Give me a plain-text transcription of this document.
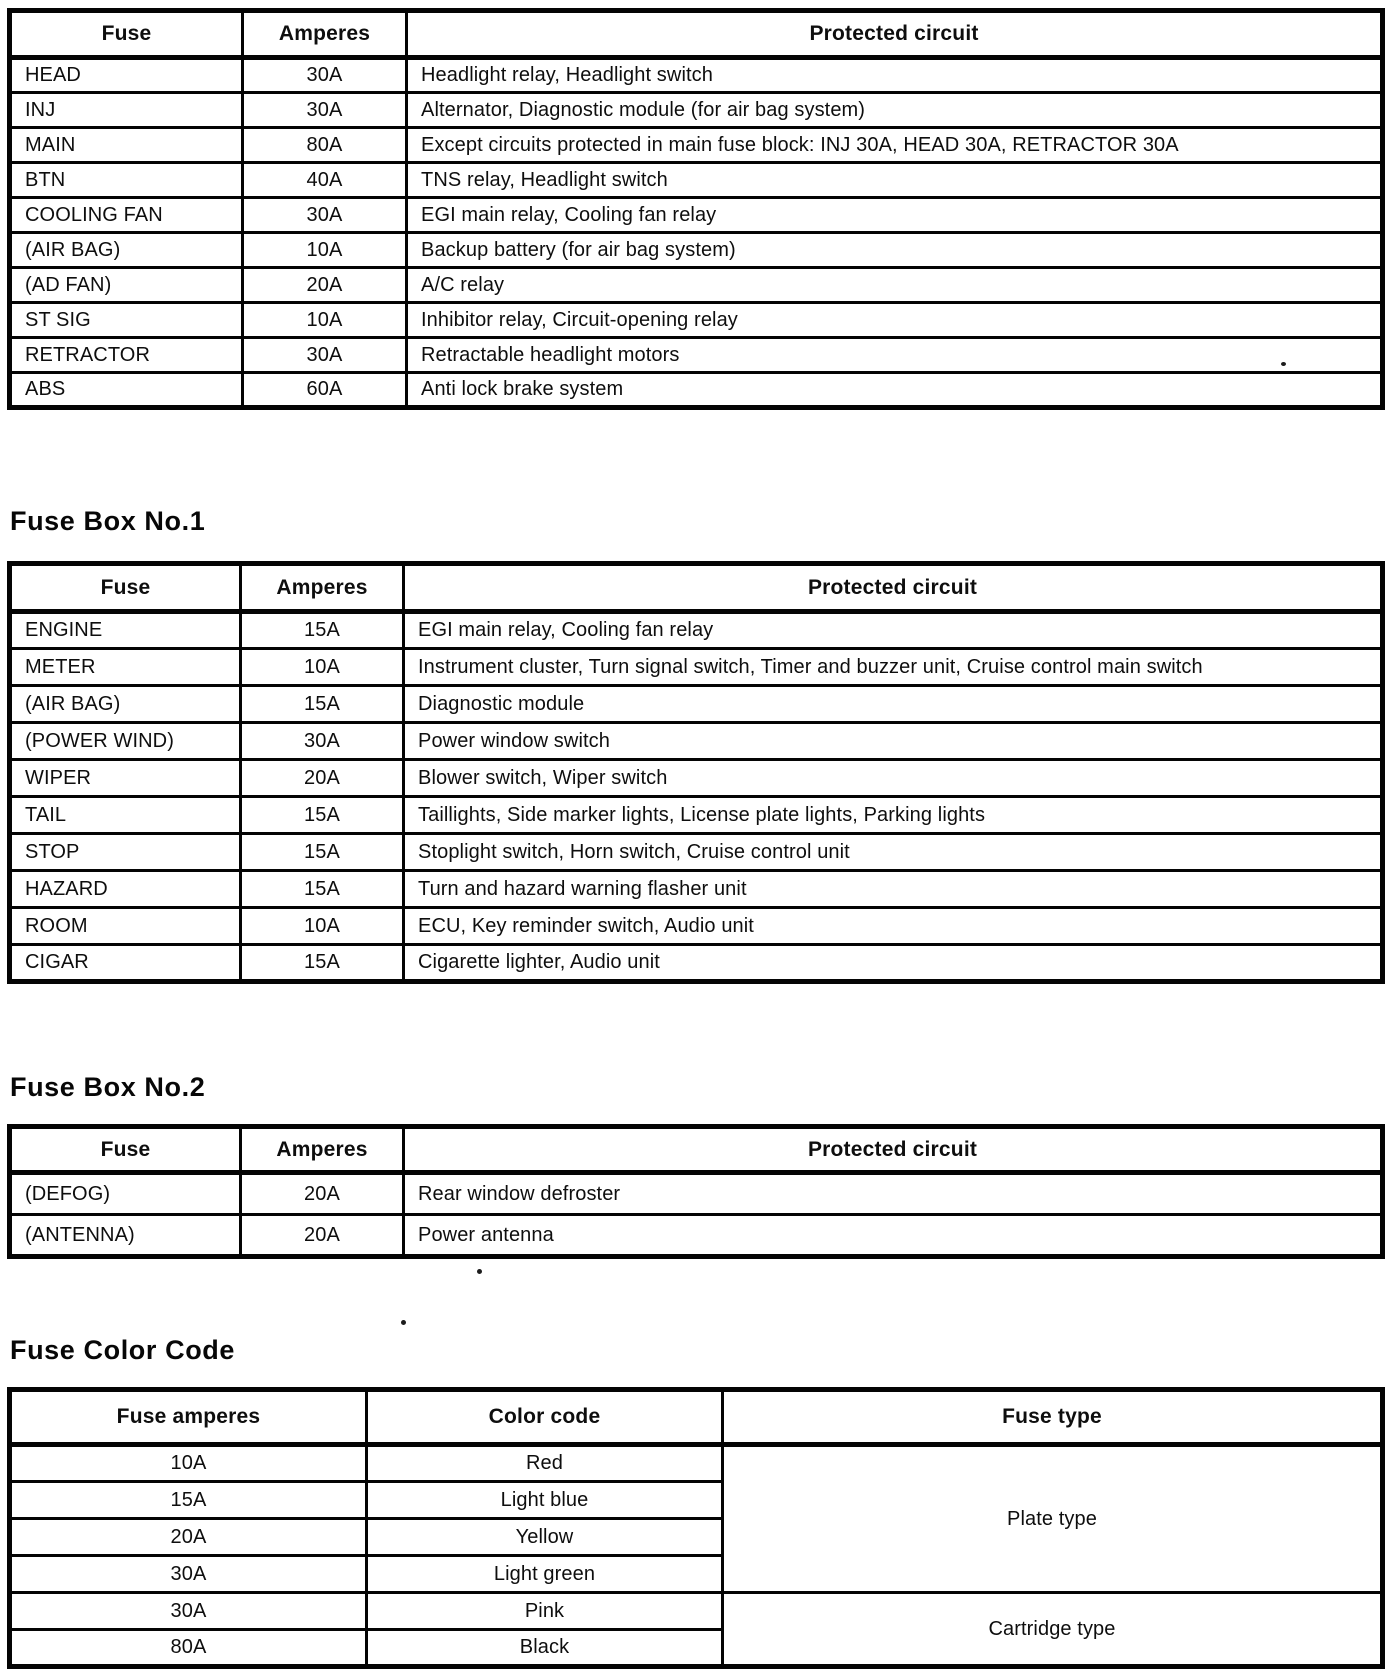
Fuse	Amperes	Protected circuit
HEAD	30A	Headlight relay, Headlight switch
INJ	30A	Alternator, Diagnostic module (for air bag system)
MAIN	80A	Except circuits protected in main fuse block: INJ 30A, HEAD 30A, RETRACTOR 30A
BTN	40A	TNS relay, Headlight switch
COOLING FAN	30A	EGI main relay, Cooling fan relay
(AIR BAG)	10A	Backup battery (for air bag system)
(AD FAN)	20A	A/C relay
ST SIG	10A	Inhibitor relay, Circuit-opening relay
RETRACTOR	30A	Retractable headlight motors
ABS	60A	Anti lock brake system
Fuse Box No.1
Fuse	Amperes	Protected circuit
ENGINE	15A	EGI main relay, Cooling fan relay
METER	10A	Instrument cluster, Turn signal switch, Timer and buzzer unit, Cruise control main switch
(AIR BAG)	15A	Diagnostic module
(POWER WIND)	30A	Power window switch
WIPER	20A	Blower switch, Wiper switch
TAIL	15A	Taillights, Side marker lights, License plate lights, Parking lights
STOP	15A	Stoplight switch, Horn switch, Cruise control unit
HAZARD	15A	Turn and hazard warning flasher unit
ROOM	10A	ECU, Key reminder switch, Audio unit
CIGAR	15A	Cigarette lighter, Audio unit
Fuse Box No.2
Fuse	Amperes	Protected circuit
(DEFOG)	20A	Rear window defroster
(ANTENNA)	20A	Power antenna
Fuse Color Code
Fuse amperes	Color code	Fuse type
10A	Red	Plate type
15A	Light blue	
20A	Yellow	
30A	Light green	
30A	Pink	Cartridge type
80A	Black	
